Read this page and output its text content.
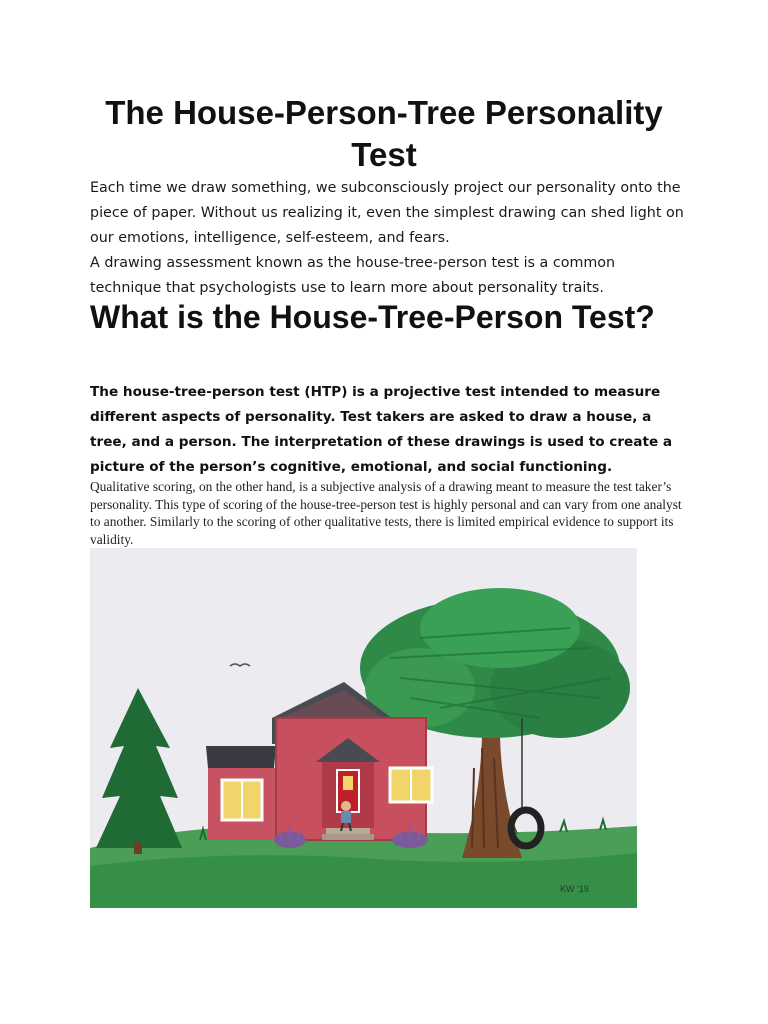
The House-Person-Tree Personality Test

Each time we draw something, we subconsciously project our personality onto the piece of paper. Without us realizing it, even the simplest drawing can shed light on our emotions, intelligence, self-esteem, and fears.

A drawing assessment known as the house-tree-person test is a common technique that psychologists use to learn more about personality traits.

What is the House-Tree-Person Test?

The house-tree-person test (HTP) is a projective test intended to measure different aspects of personality. Test takers are asked to draw a house, a tree, and a person. The interpretation of these drawings is used to create a picture of the person’s cognitive, emotional, and social functioning.

Qualitative scoring, on the other hand, is a subjective analysis of a drawing meant to measure the test taker’s personality. This type of scoring of the house-tree-person test is highly personal and can vary from one analyst to another. Similarly to the scoring of other qualitative tests, there is limited empirical evidence to support its validity.

KW '19
